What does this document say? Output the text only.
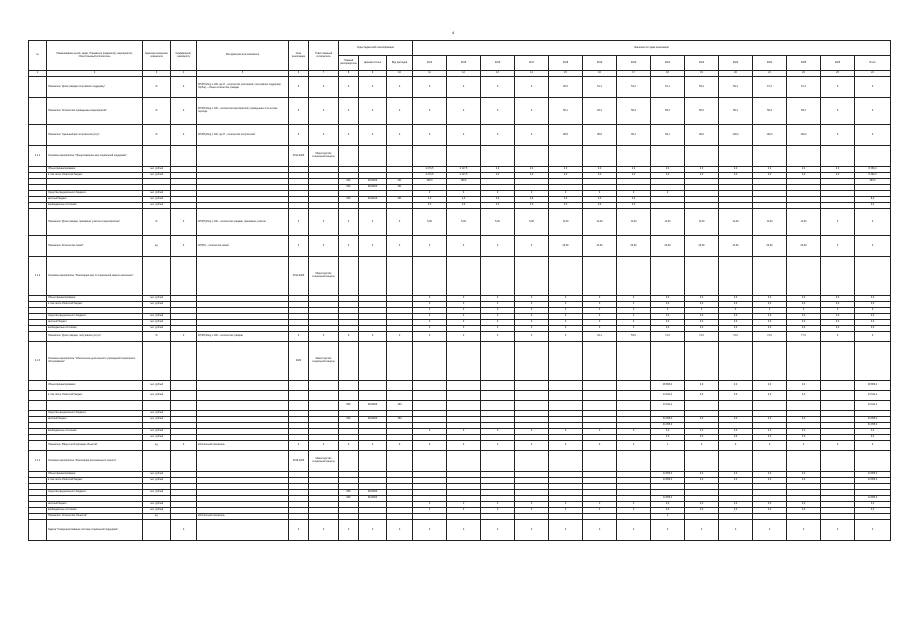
4
№	Наименование целей, задач, Показатель (индикатор), мероприятия, Ответственный исполнитель	Единица измерения показателя	Коэффициент значимости	Методика расчета показателя	Срок реализации	Ответственный исполнитель	Коды бюджетной классификации			Значения по годам реализации													
							Главный распорядитель	Целевая статья	Вид расходов	2014	2015	2016	2017	2018	2019	2020	2021	2022	2023	2024	2025	2026	Итого
1	2	3	4	5	6	7	8	9	10	11	12	13	14	15	16	17	18	19	20	21	22	23	24
	Показатель "Доля граждан получивших поддержку"	%	0	ΣП/ΣП(общ) х 100, где П – количество участников, получивших поддержку; П(общ) – общее количество граждан	0	0	0	0	0	0	0	0	0	28,6	51,1	53,4	51,1	59,4	59,4	67,4	67,4	0	0
	Показатель "Количество проведенных мероприятий"	%	0	ΣП/ΣП(общ) х 100 – количество мероприятий, проведенных в отчетном периоде	0	0	0	0	0	0	0	0	0	58,1	28,3	58,3	58,3	58,3	58,3	58,3	58,3	0	0
	Показатель "Удельный вес получателей услуг"	%	0	ΣП/ΣП(общ) х 100, где П – количество получателей	0	0	0	0	0	0	0	0	0	98,8	98,8	99,1	99,1	99,0	100,0	100,0	100,0	0	0
4.1.1	Основное мероприятие "Предоставление мер социальной поддержки"				2014-2026	Министерство социальной защиты																	
	Объем финансирования	тыс. рублей								4 274,5	4 117,5	4,0	0,0	0,0	0,0	0,0	0,0	0,0	0,0	0,0	0,0	0,0	8 396,0
	в том числе областной бюджет	тыс. рублей								4 274,5	4 117,5	0,0	0,0	0,0	0,0	0,0	0,0	0,0	0,0	0,0	0,0	0,0	8 392,0
							803	0100000	321	325,0	159,5												484,5
							803	0100000	321														
	Средства федерального бюджета	тыс. рублей								0	0	0	0	0	0	0	0						
	местный бюджет	тыс. рублей					803	0313100	321	4,0	4,0	0,0	0,0	0,0	0,0	0,0							8,0
	внебюджетные источники	тыс. рублей								0,0	0,0	0,0	0,0	0,0	0,0	0,0							0,0
	Показатель "Доля граждан, принявших участие в мероприятиях"	%	0	ΣП/ΣП(общ) х 100 – количество граждан, принявших участие	0	0	0	0	0	5,00	5,00	5,00	5,00	11,00	11,00	11,00	11,00	11,00	11,00	11,00	11,00	0	0
	Показатель "Количество семей"	ед.	0	ΣП(ΣП) – количество семей	0	0	0	0	0	0	0	0	0	23,00	23,00	23,00	23,00	23,00	23,00	23,00	23,00	0	0
4.1.2	Основное мероприятие "Реализация мер по социальной защите населения"				2014-2026	Министерство социальной защиты																	
	Объем финансирования	тыс. рублей								0	0	0	0	0	0	0	0,0	0,0	0,0	0,0	0,0	0,0	0,0
	в том числе областной бюджет	тыс. рублей								0	0	0	0	0	0	0	0,0	0,0	0,0	0,0	0,0	0,0	0,0
										0	0	0	0	0	0	0	0	0	0	0	0	0	0
	Средства федерального бюджета	тыс. рублей								0	0	0	0	0	0	0	0,0	0,0	0,0	0,0	0,0	0,0	0,0
	местный бюджет	тыс. рублей								0	0	0	0	0	0	0	0,0	0,0	0,0	0,0	0,0	0,0	0,0
	внебюджетные источники	тыс. рублей								0	0	0	0	0	0	0	0,0	0,0	0,0	0,0	0,0	0,0	0,0
	Показатель "Доля граждан, получивших услуги"	%	0	ΣП/ΣП(общ) х 100 – количество граждан	0	0	0	0	0	0	0	0	0	0	34,1	53,9	74,0	74,0	74,0	74,0	77,0	0	0
4.1.3	Основное мероприятие "Обеспечение деятельности учреждений социального обслуживания"				2020	Министерство социальной защиты																	
	Объем финансирования	тыс. рублей															48 866,4	0,0	0,0	0,0	0,0		48 866,4
	в том числе областной бюджет	тыс. рублей															13 911,4	0,0	0,0	0,0	0,0		13 911,4
							803	0100000	464								13 911,4						13 911,4
	Средства федерального бюджета	тыс. рублей																					
	местный бюджет	тыс. рублей					803	0100000	464								34 955,0	0,0	0,0	0,0	0,0		34 955,0
																	34 955,0						34 955,0
	внебюджетные источники	тыс. рублей								0	0	0	0	0	0	0	0,0	0,0	0,0	0,0	0,0		0,0
		тыс. рублей															0,0	0,0	0,0	0,0	0,0		0,0
	Показатель "Ввод в эксплуатацию объектов"	ед.	0	абсолютный показатель	0	0	0	0	0	0	0	0	0	0	0	0	1	0	0	0	0	0	0
4.1.4	Основное мероприятие "Реализация регионального проекта"				2019-2026	Министерство социальной защиты																	
	Объем финансирования	тыс. рублей															14 856,3	0,0	0,0	0,0	0,0		14 856,3
	в том числе областной бюджет	тыс. рублей															14 856,3	0,0	0,0	0,0	0,0		14 856,3

	Средства федерального бюджета	тыс. рублей					803	0100000															
							803	0100000									14 856,3						14 856,3
	местный бюджет	тыс. рублей								0	0	0	0	0	0	0	0,0	0,0	0,0	0,0	0,0		0,0
	внебюджетные источники	тыс. рублей								0	0	0	0	0	0	0	0,0	0,0	0,0	0,0	0,0		0,0
	Показатель "Количество объектов"	ед.		абсолютный показатель													1						
	Задача "Совершенствование системы социальной поддержки"		0		0	0	0	0	0	0	0	0	0	0	0	0	0	0	0	0	0	0	0
